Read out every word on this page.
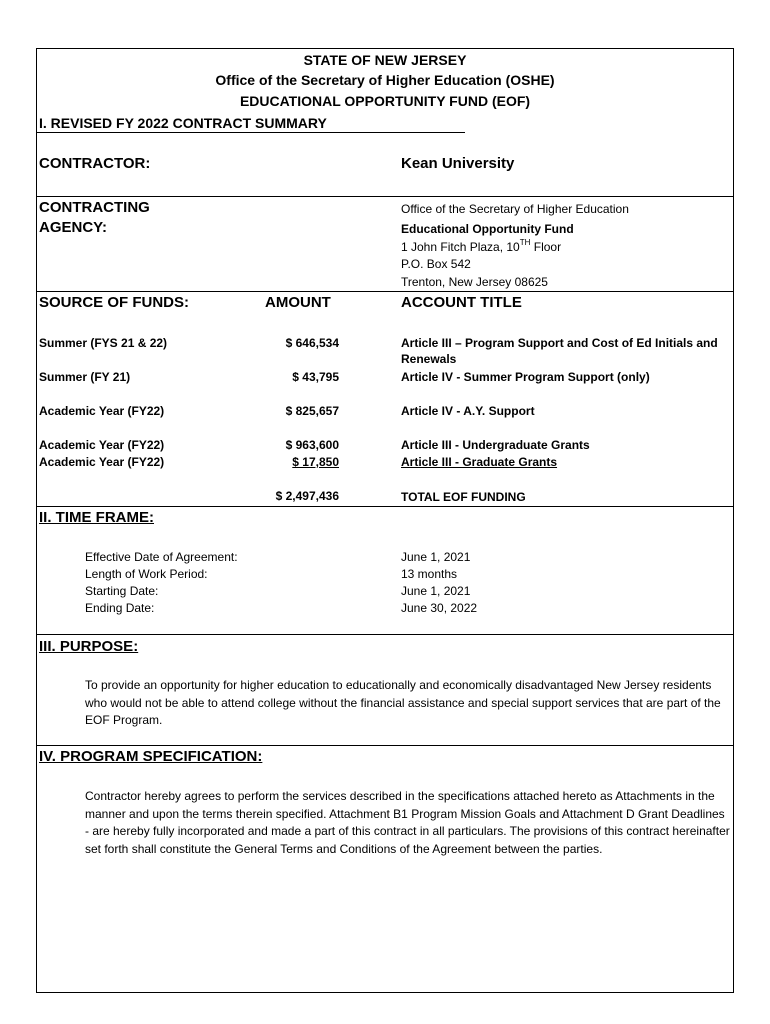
STATE OF NEW JERSEY
Office of the Secretary of Higher Education (OSHE)
EDUCATIONAL OPPORTUNITY FUND (EOF)
I. REVISED FY 2022 CONTRACT SUMMARY
CONTRACTOR:	Kean University
CONTRACTING
AGENCY:
Office of the Secretary of Higher Education
Educational Opportunity Fund
1 John Fitch Plaza, 10TH Floor
P.O. Box 542
Trenton, New Jersey 08625
SOURCE OF FUNDS:	AMOUNT	ACCOUNT TITLE
Summer (FYS 21 & 22)	$ 646,534	Article III – Program Support and Cost of Ed Initials and
Renewals
Summer (FY 21)	$ 43,795	Article IV - Summer Program Support (only)
Academic Year (FY22)	$ 825,657	Article IV - A.Y. Support
Academic Year (FY22)	$ 963,600	Article III - Undergraduate Grants
Academic Year (FY22)	$ 17,850	Article III - Graduate Grants
$ 2,497,436	TOTAL EOF FUNDING
II. TIME FRAME:
Effective Date of Agreement:	June 1, 2021
Length of Work Period:	13 months
Starting Date:	June 1, 2021
Ending Date:	June 30, 2022
III. PURPOSE:
To provide an opportunity for higher education to educationally and economically disadvantaged New Jersey residents who would not be able to attend college without the financial assistance and special support services that are part of the EOF Program.
IV. PROGRAM SPECIFICATION:
Contractor hereby agrees to perform the services described in the specifications attached hereto as Attachments in the manner and upon the terms therein specified. Attachment B1 Program Mission Goals and Attachment D Grant Deadlines - are hereby fully incorporated and made a part of this contract in all particulars. The provisions of this contract hereinafter set forth shall constitute the General Terms and Conditions of the Agreement between the parties.
